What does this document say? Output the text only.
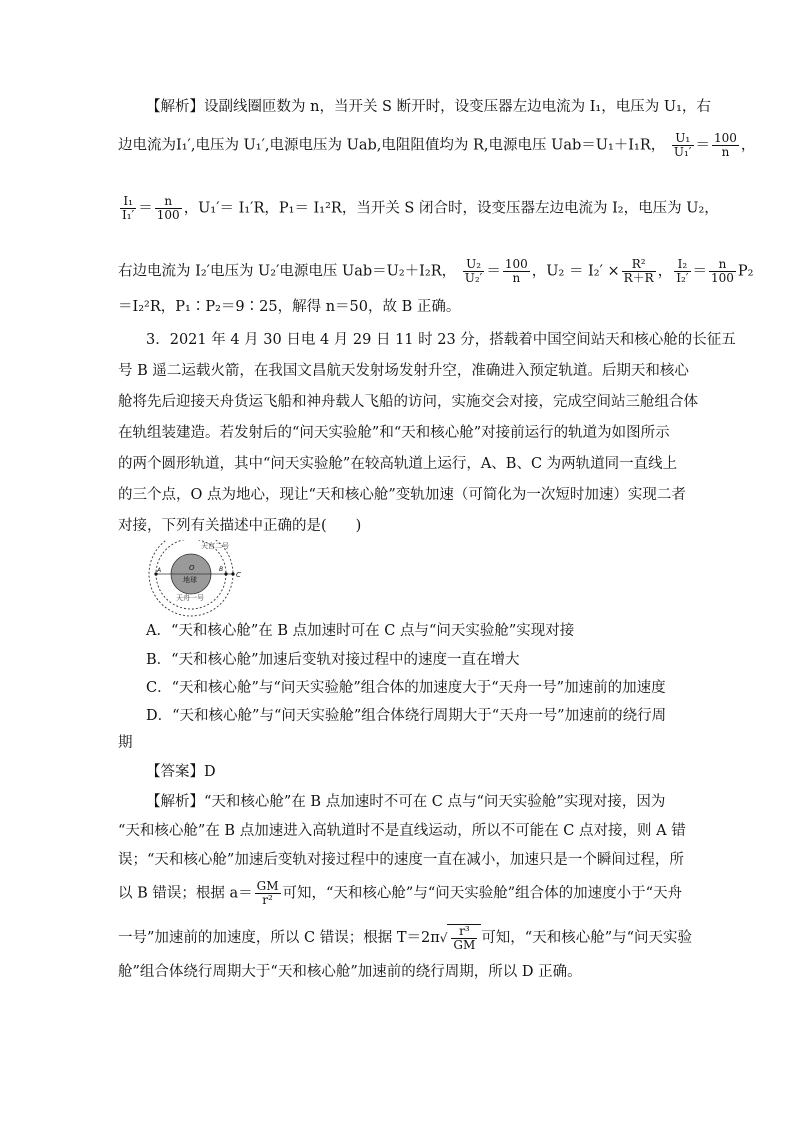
【解析】设副线圈匝数为 n，当开关 S 断开时，设变压器左边电流为 I₁，电压为 U₁，右
边电流为I₁′,电压为 U₁′,电源电压为 Uab,电阻阻值均为 R,电源电压 Uab＝U₁＋I₁R， $\frac{\text{U₁}}{\text{U₁′}} = \frac{100}{n}$ ，
$\frac{\text{I₁}}{\text{I₁′}} = \frac{n}{100}$ ，U₁′＝ I₁′R，P₁＝ I₁²R，当开关 S 闭合时，设变压器左边电流为 I₂，电压为 U₂，
右边电流为 I₂′电压为 U₂′电源电压 Uab＝U₂＋I₂R， $\frac{\text{U₂}}{\text{U₂′}} = \frac{100}{n}$ ，$U_2 = I_2' \times \frac{\text{R²}}{R+R}$ ， $\frac{\text{I₂}}{\text{I₂′}} = \frac{n}{100} P_2$
＝I₂²R，P₁∶P₂＝9∶25，解得 n＝50，故 B 正确。
3．2021 年 4 月 30 日电 4 月 29 日 11 时 23 分，搭载着中国空间站天和核心舱的长征五
号 B 遥二运载火箭，在我国文昌航天发射场发射升空，准确进入预定轨道。后期天和核心
舱将先后迎接天舟货运飞船和神舟载人飞船的访问，实施交会对接，完成空间站三舱组合体
在轨组装建造。若发射后的“问天实验舱”和“天和核心舱”对接前运行的轨道为如图所示
的两个圆形轨道，其中“问天实验舱”在较高轨道上运行，A、B、C 为两轨道同一直线上
的三个点，O 点为地心，现让“天和核心舱”变轨加速（可简化为一次短时加速）实现二者
对接，下列有关描述中正确的是(　　)
天宫二号
天舟一号
O
地球
A	B
C
A．“天和核心舱”在 B 点加速时可在 C 点与“问天实验舱”实现对接
B．“天和核心舱”加速后变轨对接过程中的速度一直在增大
C．“天和核心舱”与“问天实验舱”组合体的加速度大于“天舟一号”加速前的加速度
D．“天和核心舱”与“问天实验舱”组合体绕行周期大于“天舟一号”加速前的绕行周
期
【答案】D
【解析】“天和核心舱”在 B 点加速时不可在 C 点与“问天实验舱”实现对接，因为
“天和核心舱”在 B 点加速进入高轨道时不是直线运动，所以不可能在 C 点对接，则 A 错
误；“天和核心舱”加速后变轨对接过程中的速度一直在减小，加速只是一个瞬间过程，所
以 B 错误；根据 $a= \frac{GM}{\text{r²}}$ 可知，“天和核心舱”与“问天实验舱”组合体的加速度小于“天舟
一号”加速前的加速度，所以 C 错误；根据 $T=2\pi√ \frac{\text{r³}}{GM}$ 可知，“天和核心舱”与“问天实验
舱”组合体绕行周期大于“天和核心舱”加速前的绕行周期，所以 D 正确。
